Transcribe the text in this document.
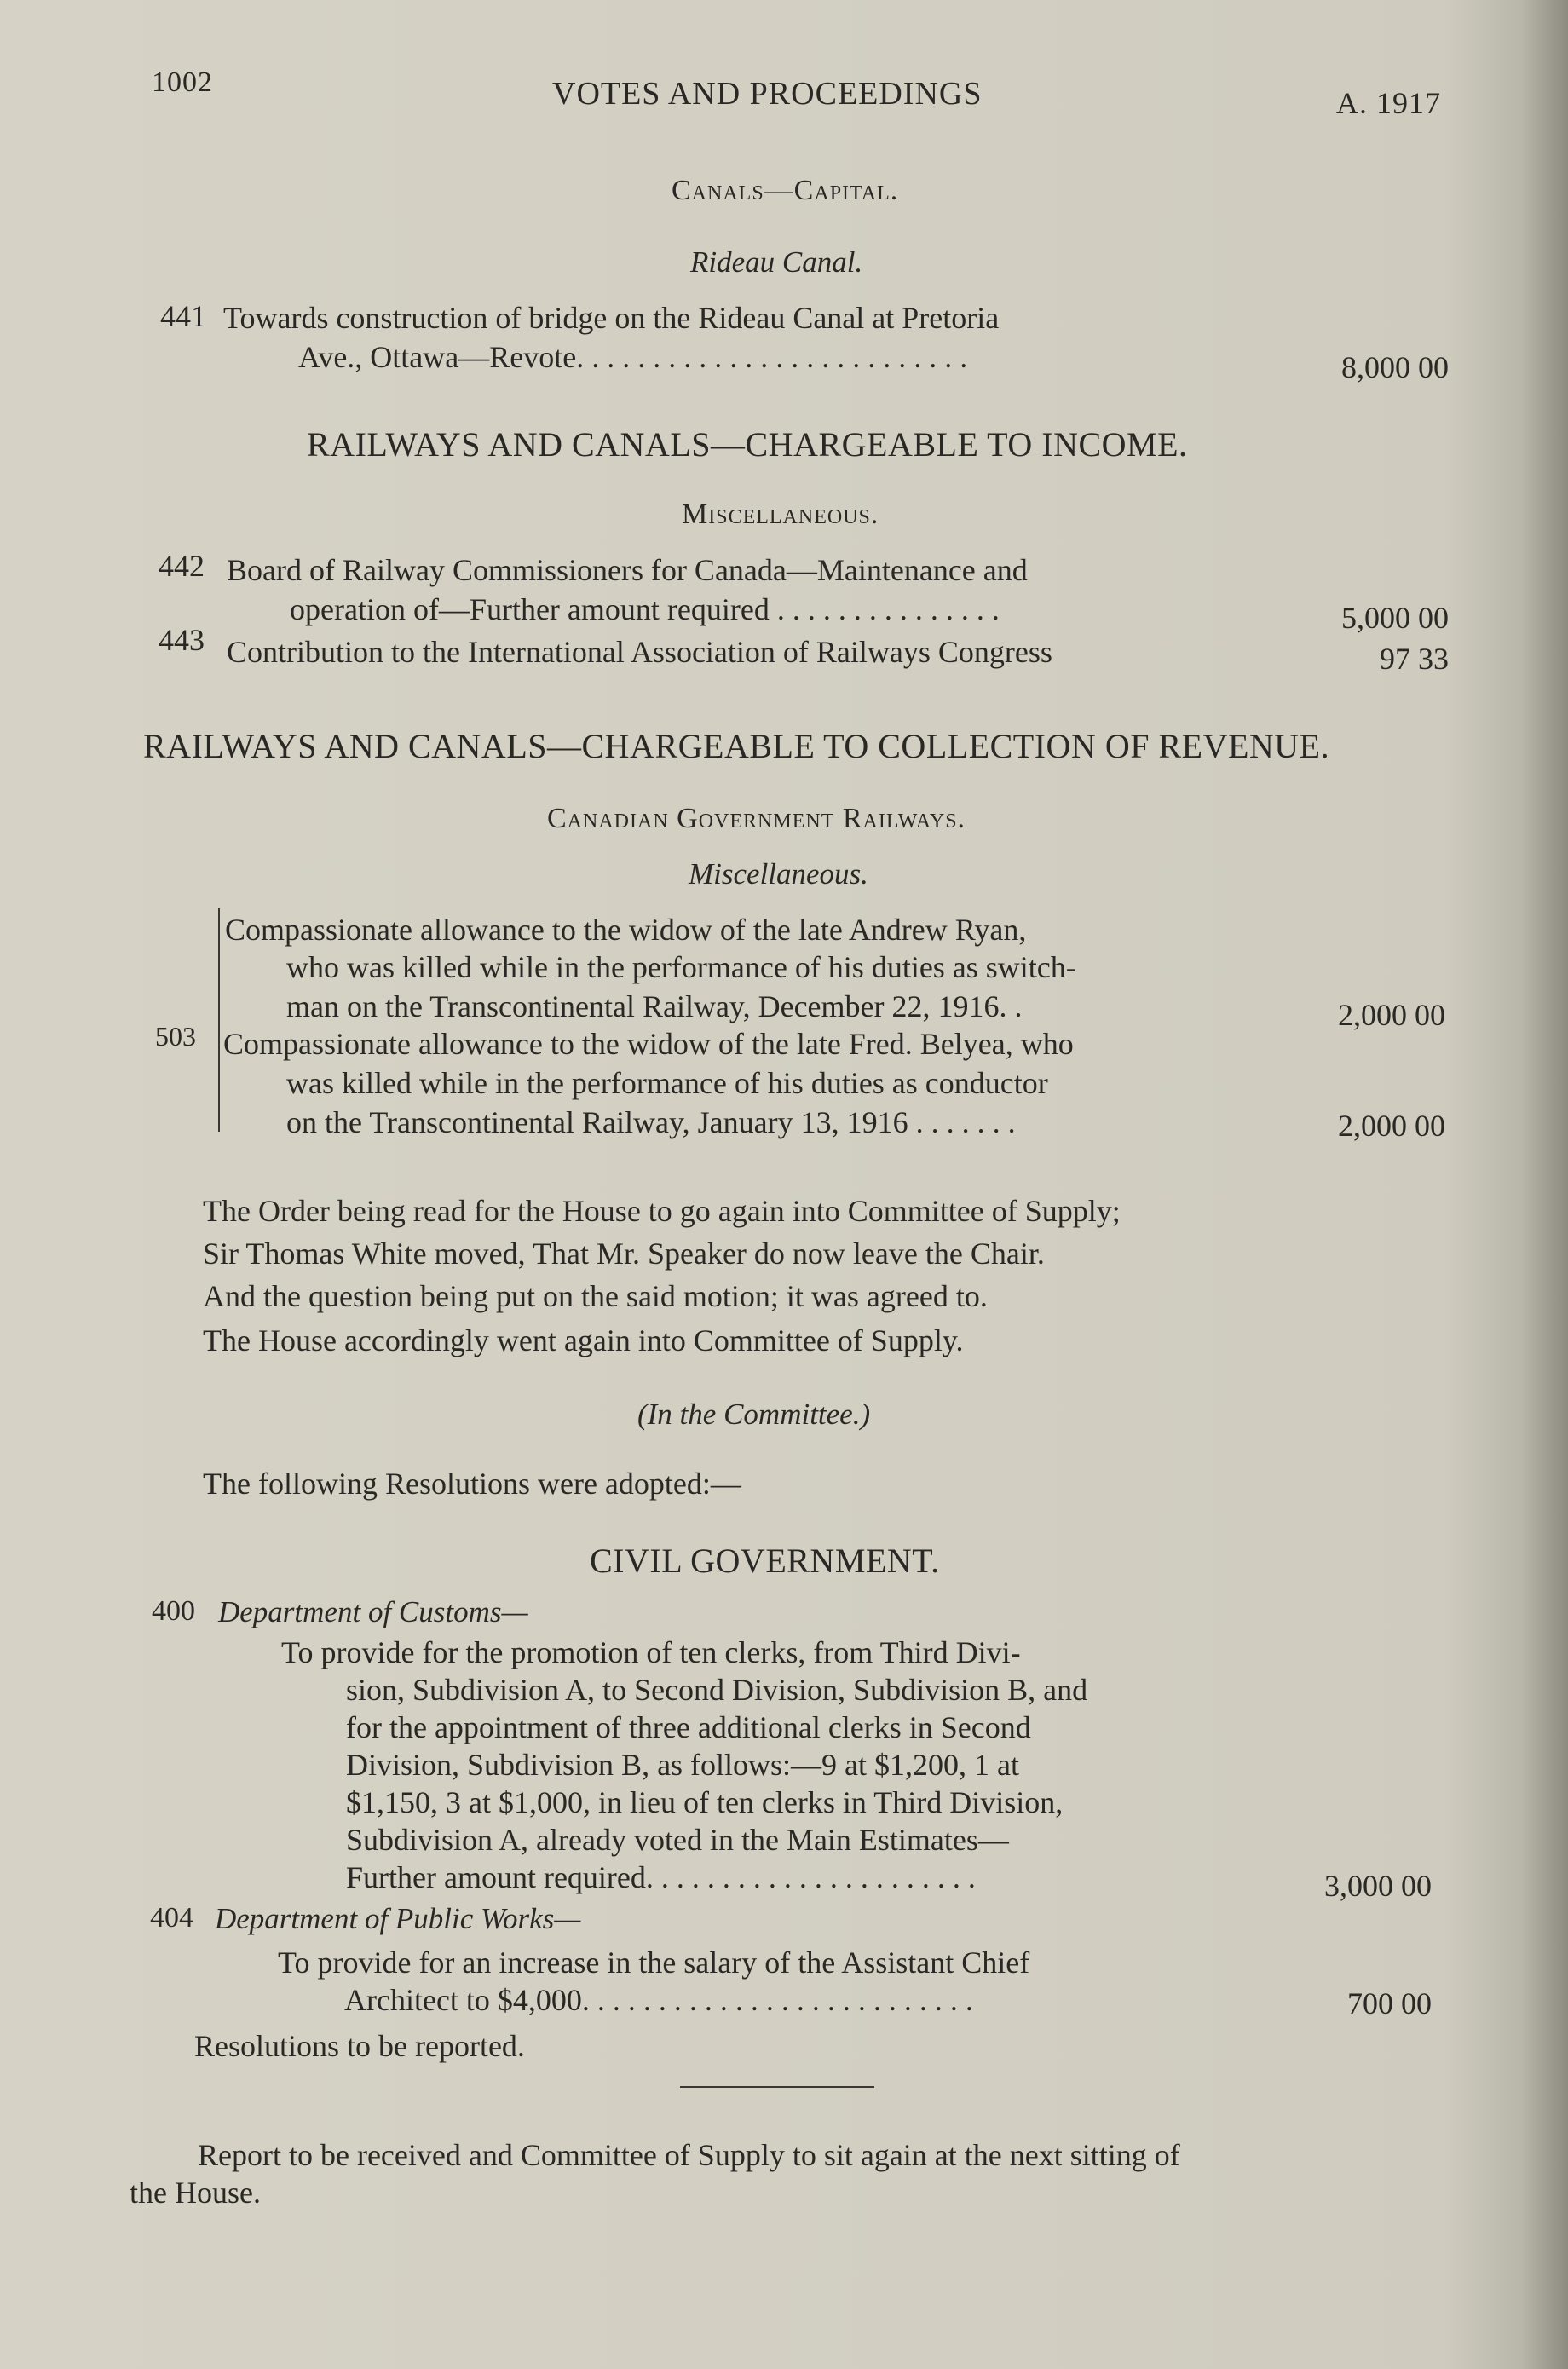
1002	VOTES AND PROCEEDINGS	A. 1917
Canals—Capital.
Rideau Canal.
441 Towards construction of bridge on the Rideau Canal at Pretoria
Ave., Ottawa—Revote. . . . . . . . . . . . . . . . . . . . . . . . . .	8,000 00
RAILWAYS AND CANALS—CHARGEABLE TO INCOME.
Miscellaneous.
442 Board of Railway Commissioners for Canada—Maintenance and
operation of—Further amount required . . . . . . . . . . . . . . .	5,000 00
443 Contribution to the International Association of Railways Congress	97 33
RAILWAYS AND CANALS—CHARGEABLE TO COLLECTION OF REVENUE.
Canadian Government Railways.
Miscellaneous.
503
Compassionate allowance to the widow of the late Andrew Ryan,
who was killed while in the performance of his duties as switch-
man on the Transcontinental Railway, December 22, 1916. .	2,000 00
Compassionate allowance to the widow of the late Fred. Belyea, who
was killed while in the performance of his duties as conductor
on the Transcontinental Railway, January 13, 1916 . . . . . . .	2,000 00
The Order being read for the House to go again into Committee of Supply;
Sir Thomas White moved, That Mr. Speaker do now leave the Chair.
And the question being put on the said motion; it was agreed to.
The House accordingly went again into Committee of Supply.
(In the Committee.)
The following Resolutions were adopted:—
CIVIL GOVERNMENT.
400 Department of Customs—
To provide for the promotion of ten clerks, from Third Divi-
sion, Subdivision A, to Second Division, Subdivision B, and
for the appointment of three additional clerks in Second
Division, Subdivision B, as follows:—9 at $1,200, 1 at
$1,150, 3 at $1,000, in lieu of ten clerks in Third Division,
Subdivision A, already voted in the Main Estimates—
Further amount required. . . . . . . . . . . . . . . . . . . . . .	3,000 00
404 Department of Public Works—
To provide for an increase in the salary of the Assistant Chief
Architect to $4,000. . . . . . . . . . . . . . . . . . . . . . . . . .	700 00
Resolutions to be reported.
Report to be received and Committee of Supply to sit again at the next sitting of
the House.
